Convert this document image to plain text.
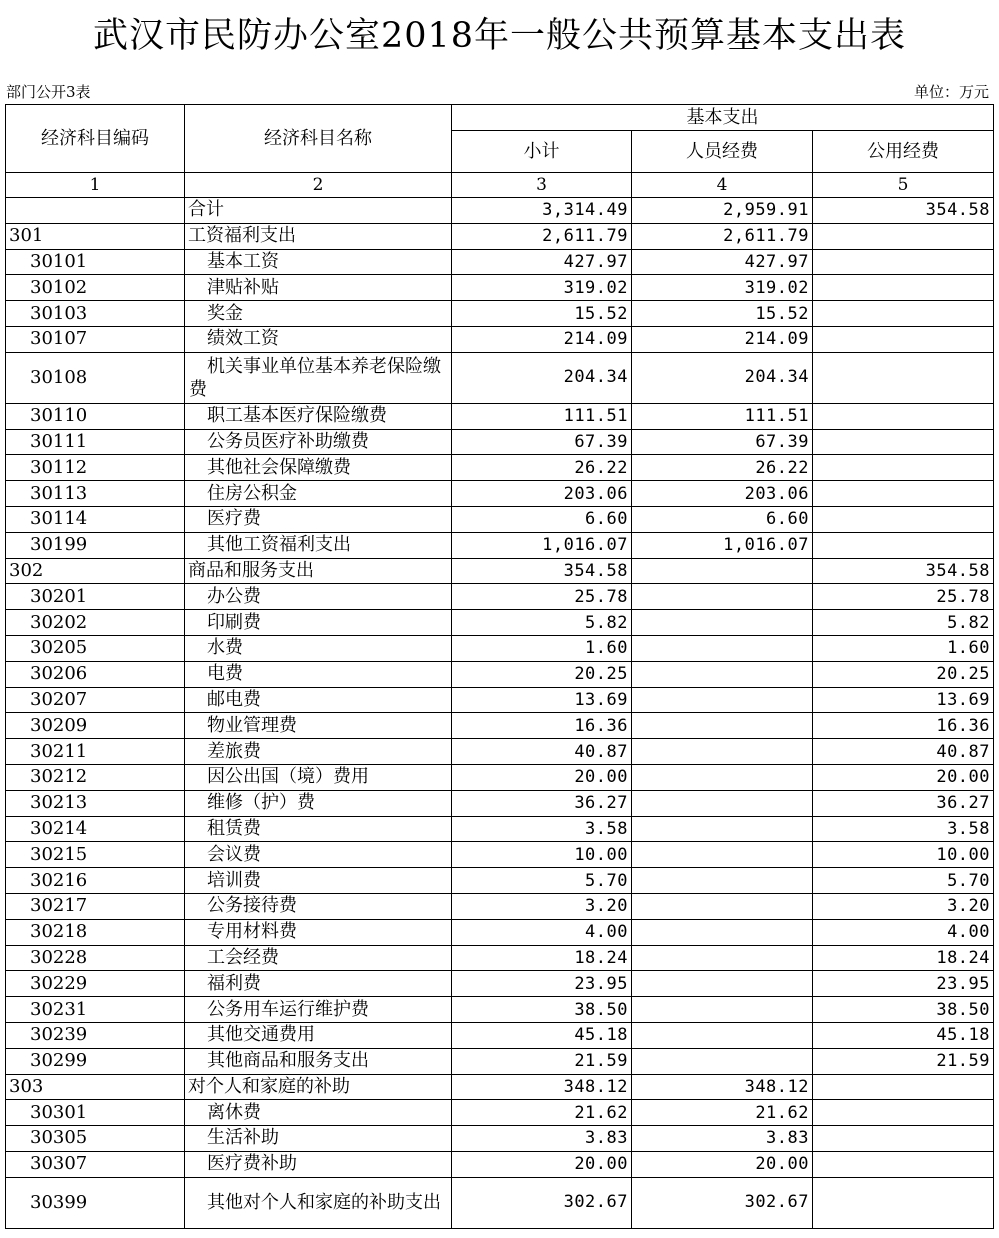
武汉市民防办公室2018年一般公共预算基本支出表
部门公开3表	单位：万元
经济科目编码	经济科目名称	基本支出		
		小计	人员经费	公用经费
1	2	3	4	5
	合计	3,314.49	2,959.91	354.58
301	工资福利支出	2,611.79	2,611.79	
30101	基本工资	427.97	427.97	
30102	津贴补贴	319.02	319.02	
30103	奖金	15.52	15.52	
30107	绩效工资	214.09	214.09	
30108	机关事业单位基本养老保险缴费	204.34	204.34	
30110	职工基本医疗保险缴费	111.51	111.51	
30111	公务员医疗补助缴费	67.39	67.39	
30112	其他社会保障缴费	26.22	26.22	
30113	住房公积金	203.06	203.06	
30114	医疗费	6.60	6.60	
30199	其他工资福利支出	1,016.07	1,016.07	
302	商品和服务支出	354.58		354.58
30201	办公费	25.78		25.78
30202	印刷费	5.82		5.82
30205	水费	1.60		1.60
30206	电费	20.25		20.25
30207	邮电费	13.69		13.69
30209	物业管理费	16.36		16.36
30211	差旅费	40.87		40.87
30212	因公出国（境）费用	20.00		20.00
30213	维修（护）费	36.27		36.27
30214	租赁费	3.58		3.58
30215	会议费	10.00		10.00
30216	培训费	5.70		5.70
30217	公务接待费	3.20		3.20
30218	专用材料费	4.00		4.00
30228	工会经费	18.24		18.24
30229	福利费	23.95		23.95
30231	公务用车运行维护费	38.50		38.50
30239	其他交通费用	45.18		45.18
30299	其他商品和服务支出	21.59		21.59
303	对个人和家庭的补助	348.12	348.12	
30301	离休费	21.62	21.62	
30305	生活补助	3.83	3.83	
30307	医疗费补助	20.00	20.00	
30399	其他对个人和家庭的补助支出	302.67	302.67	
